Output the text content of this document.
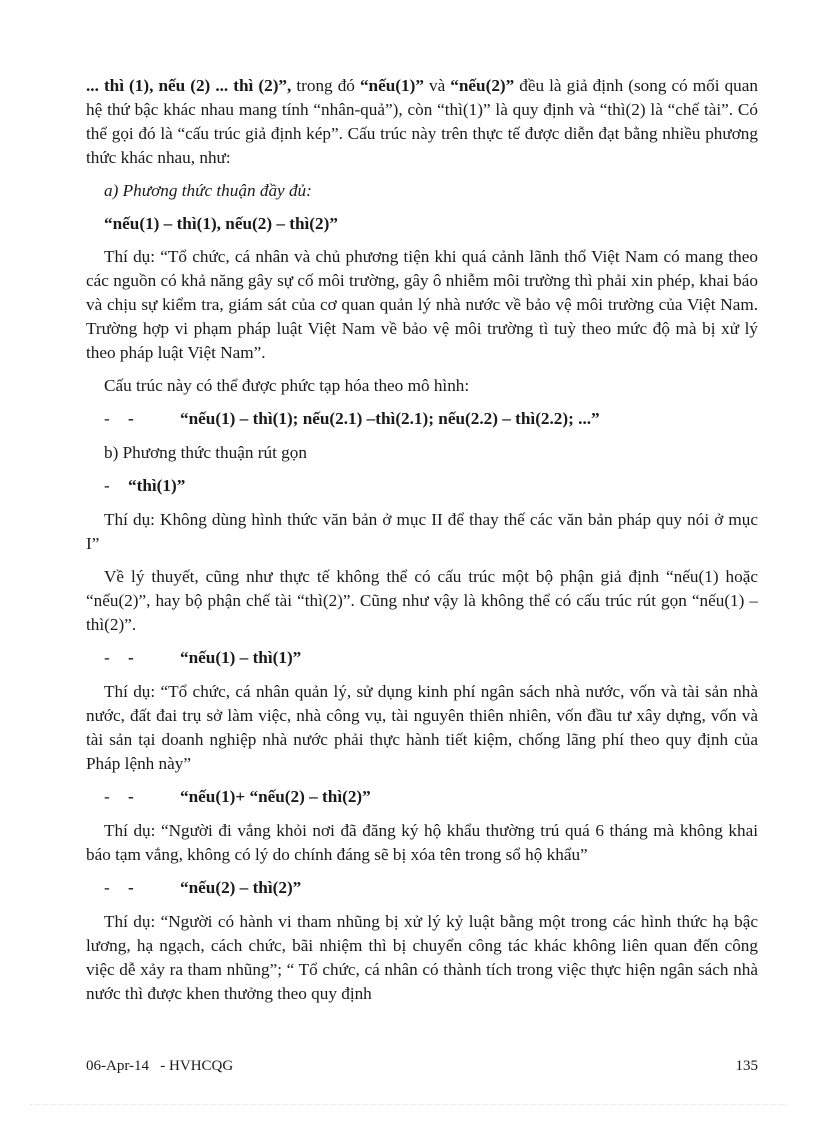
... thì (1), nếu (2) ... thì (2)”, trong đó “nếu(1)” và “nếu(2)” đều là giả định (song có mối quan hệ thứ bậc khác nhau mang tính “nhân-quả”), còn “thì(1)” là quy định và “thì(2) là “chế tài”. Có thể gọi đó là “cấu trúc giả định kép”. Cấu trúc này trên thực tế được diễn đạt bằng nhiều phương thức khác nhau, như:

a) Phương thức thuận đầy đủ:

“nếu(1) – thì(1), nếu(2) – thì(2)”

Thí dụ: “Tổ chức, cá nhân và chủ phương tiện khi quá cảnh lãnh thổ Việt Nam có mang theo các nguồn có khả năng gây sự cố môi trường, gây ô nhiễm môi trường thì phải xin phép, khai báo và chịu sự kiểm tra, giám sát của cơ quan quản lý nhà nước về bảo vệ môi trường của Việt Nam. Trường hợp vi phạm pháp luật Việt Nam về bảo vệ môi trường tì tuỳ theo mức độ mà bị xử lý theo pháp luật Việt Nam”.

Cấu trúc này có thể được phức tạp hóa theo mô hình:

-	-	“nếu(1) – thì(1); nếu(2.1) –thì(2.1); nếu(2.2) – thì(2.2); ...”

b) Phương thức thuận rút gọn

-	“thì(1)”

Thí dụ: Không dùng hình thức văn bản ở mục II để thay thế các văn bản pháp quy nói ở mục I”

Về lý thuyết, cũng như thực tế không thể có cấu trúc một bộ phận giả định “nếu(1) hoặc “nếu(2)”, hay bộ phận chế tài “thì(2)”. Cũng như vậy là không thể có cấu trúc rút gọn “nếu(1) – thì(2)”.

-	-	“nếu(1) – thì(1)”

Thí dụ: “Tổ chức, cá nhân quản lý, sử dụng kinh phí ngân sách nhà nước, vốn và tài sản nhà nước, đất đai trụ sở làm việc, nhà công vụ, tài nguyên thiên nhiên, vốn đầu tư xây dựng, vốn và tài sản tại doanh nghiệp nhà nước phải thực hành tiết kiệm, chống lãng phí theo quy định của Pháp lệnh này”

-	-	“nếu(1)+ “nếu(2) – thì(2)”

Thí dụ: “Người đi vắng khỏi nơi đã đăng ký hộ khẩu thường trú quá 6 tháng mà không khai báo tạm vắng, không có lý do chính đáng sẽ bị xóa tên trong sổ hộ khẩu”

-	-	“nếu(2) – thì(2)”

Thí dụ: “Người có hành vi tham nhũng bị xử lý kỷ luật bằng một trong các hình thức hạ bậc lương, hạ ngạch, cách chức, bãi nhiệm thì bị chuyển công tác khác không liên quan đến công việc dễ xảy ra tham nhũng”; “ Tổ chức, cá nhân có thành tích trong việc thực hiện ngân sách nhà nước thì được khen thưởng theo quy định

06-Apr-14 - HVHCQG	135
